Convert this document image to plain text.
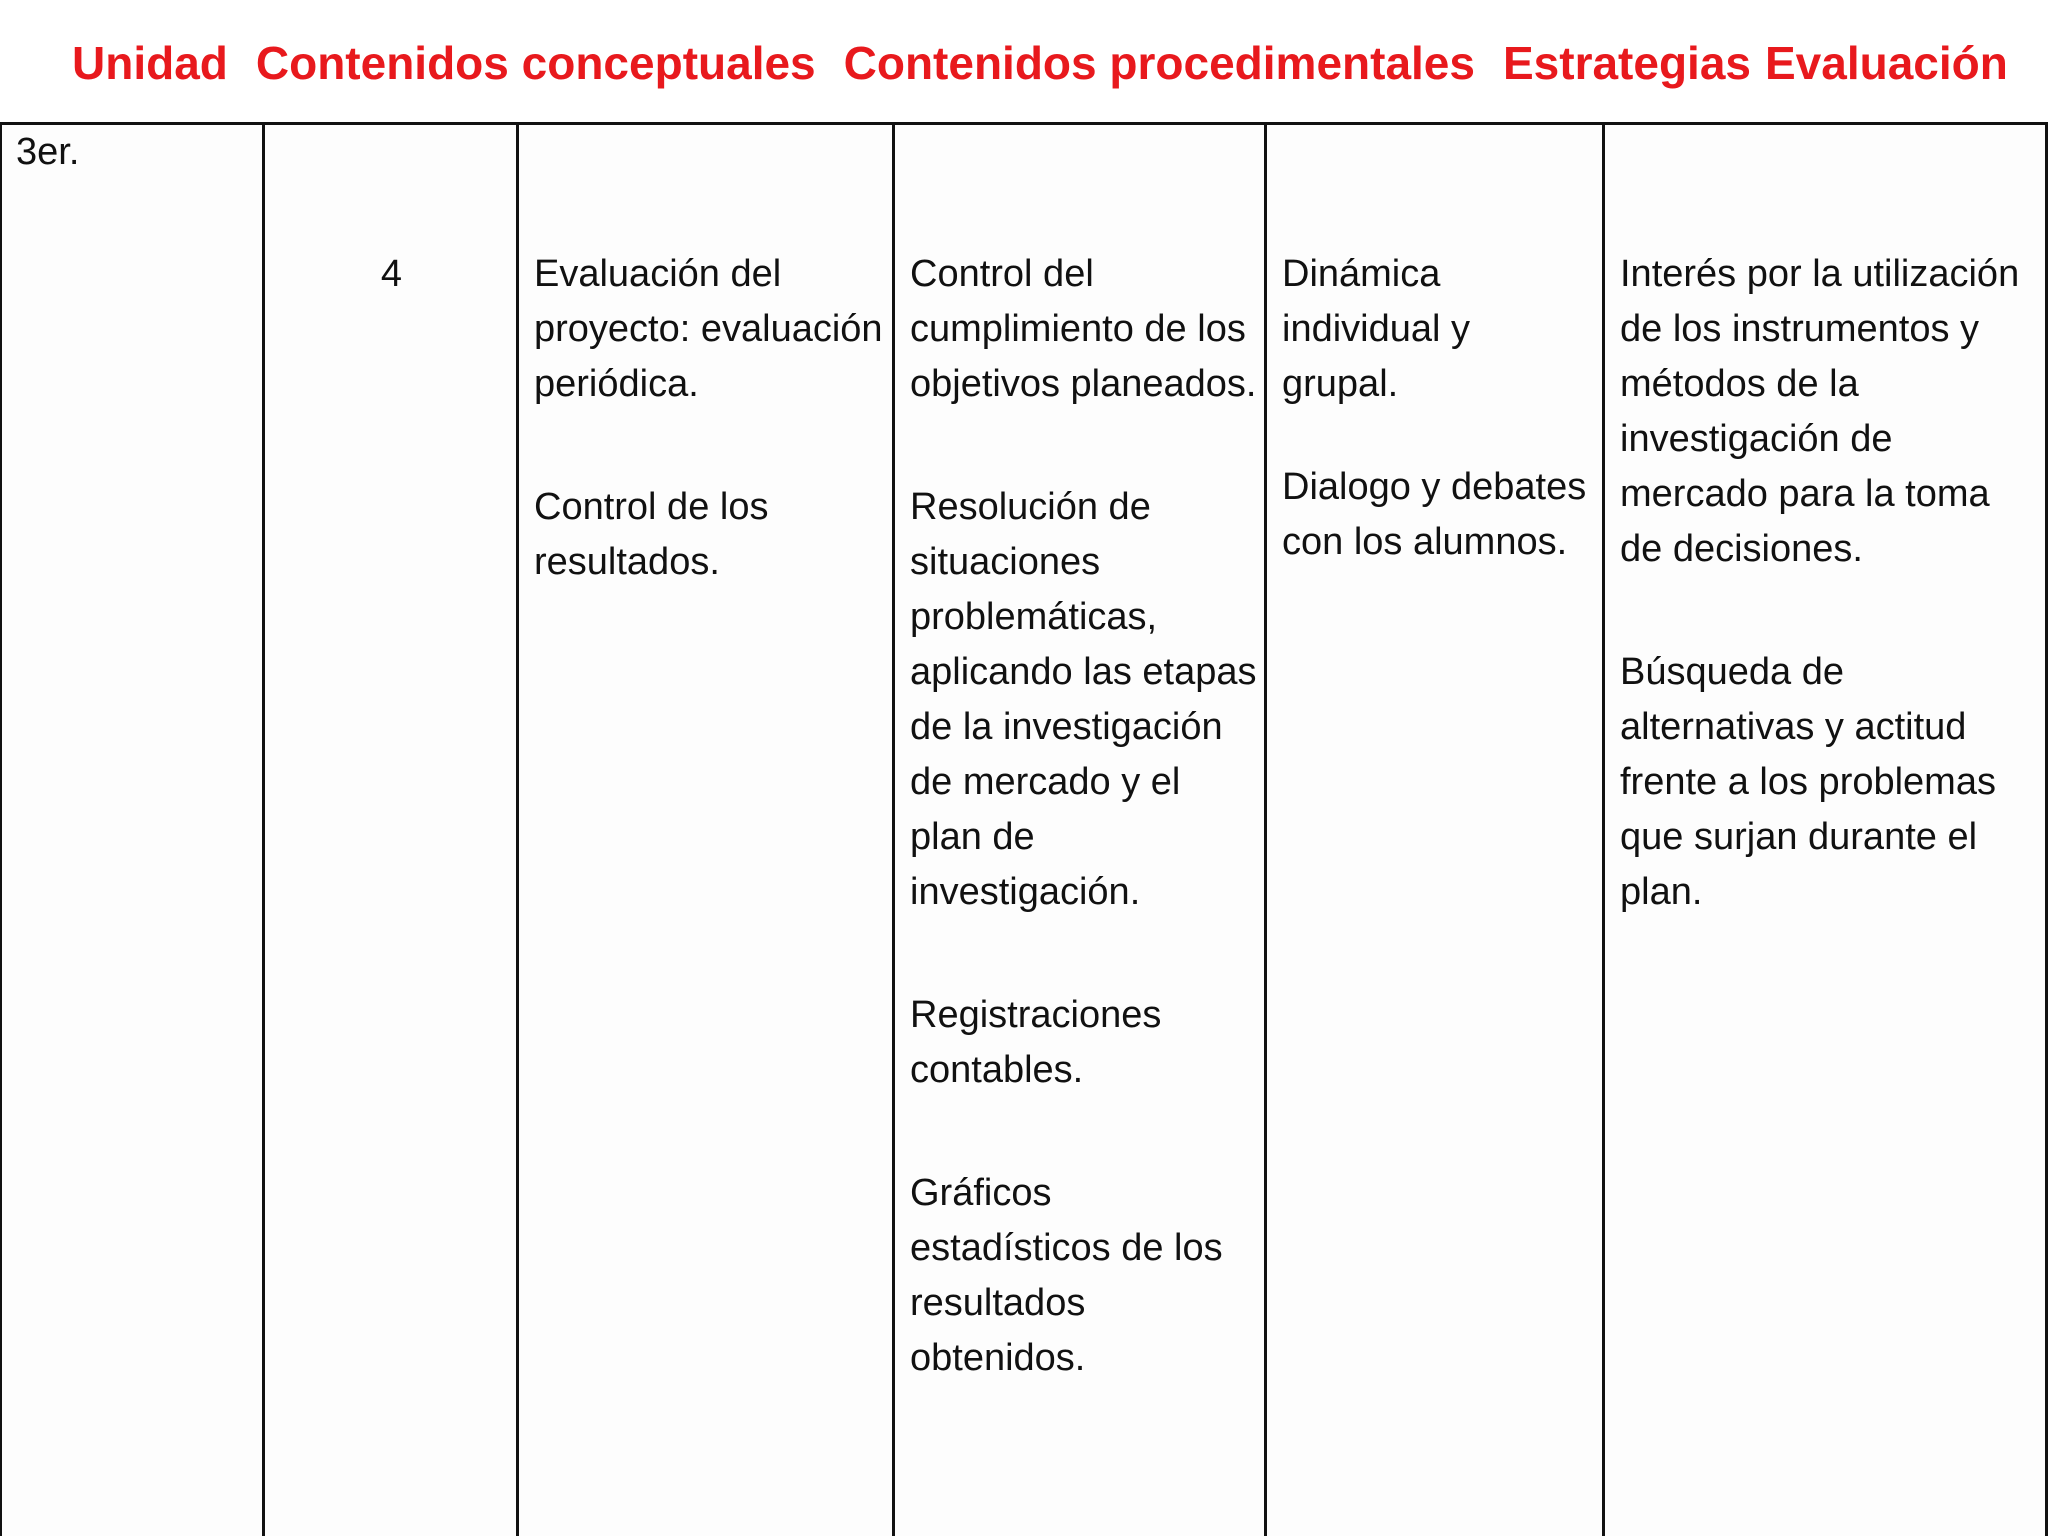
Unidad Contenidos conceptuales Contenidos procedimentales Estrategias Evaluación
3er.
4	Evaluación del proyecto: evaluación periódica.
Control de los resultados.
Control del cumplimiento de los objetivos planeados.
Resolución de situaciones problemáticas, aplicando las etapas de la investigación de mercado y el plan de investigación.
Registraciones contables.
Gráficos estadísticos de los resultados obtenidos.
Dinámica individual y grupal.
Dialogo y debates con los alumnos.
Interés por la utilización de los instrumentos y métodos de la investigación de mercado para la toma de decisiones.
Búsqueda de alternativas y actitud frente a los problemas que surjan durante el plan.
